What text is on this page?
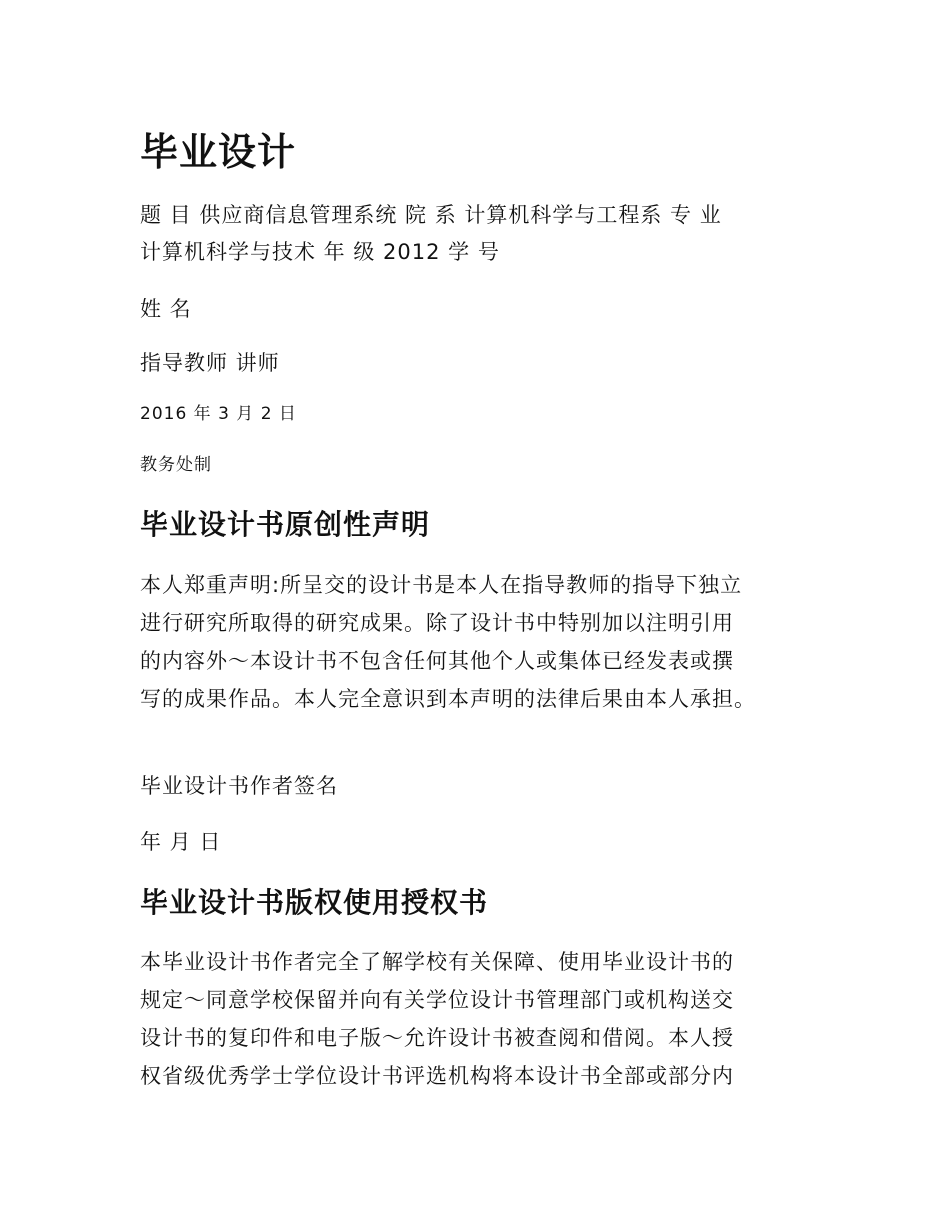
毕业设计
题 目 供应商信息管理系统 院 系 计算机科学与工程系 专 业
计算机科学与技术 年 级 2012 学 号
姓 名
指导教师 讲师
2016 年 3 月 2 日
教务处制
毕业设计书原创性声明
本人郑重声明:所呈交的设计书是本人在指导教师的指导下独立
进行研究所取得的研究成果。除了设计书中特别加以注明引用
的内容外～本设计书不包含任何其他个人或集体已经发表或撰
写的成果作品。本人完全意识到本声明的法律后果由本人承担。
毕业设计书作者签名
年 月 日
毕业设计书版权使用授权书
本毕业设计书作者完全了解学校有关保障、使用毕业设计书的
规定～同意学校保留并向有关学位设计书管理部门或机构送交
设计书的复印件和电子版～允许设计书被查阅和借阅。本人授
权省级优秀学士学位设计书评选机构将本设计书全部或部分内
